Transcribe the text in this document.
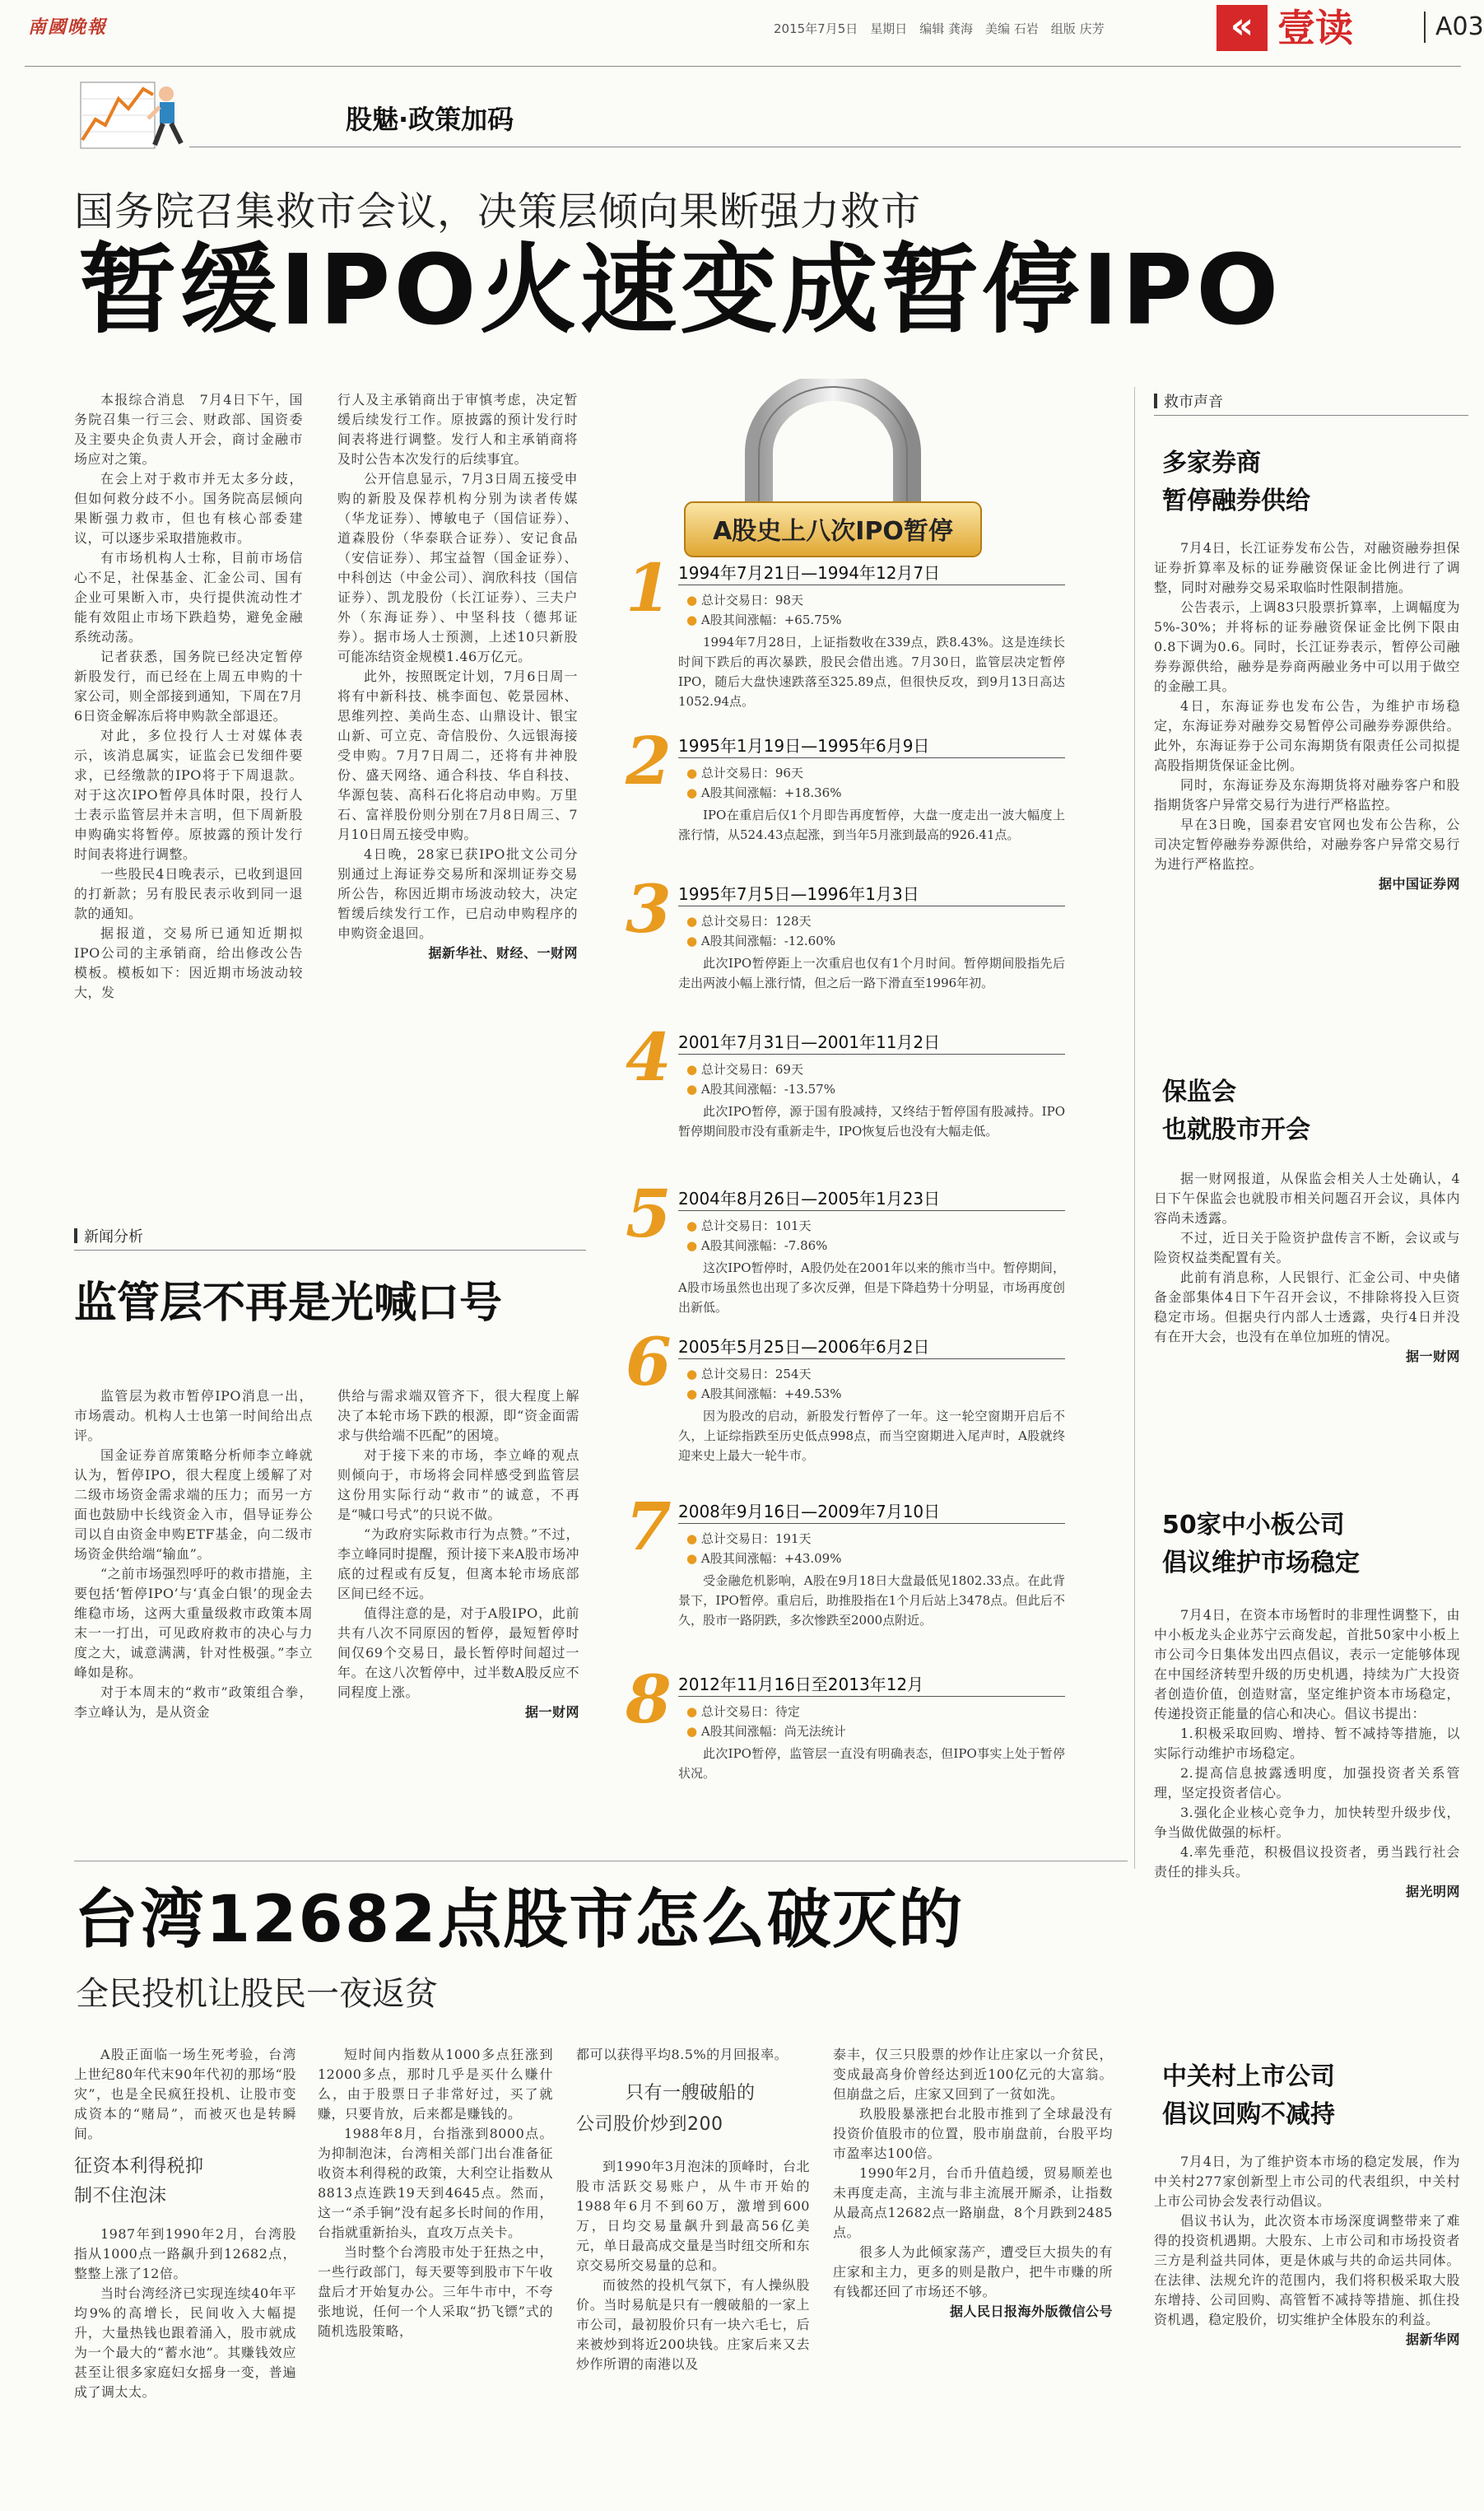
南國晚報	2015年7月5日　星期日　编辑 龚海　美编 石岩　组版 庆芳	« 壹读	A03
股魅·政策加码
国务院召集救市会议，决策层倾向果断强力救市
暂缓IPO火速变成暂停IPO

本报综合消息　7月4日下午，国务院召集一行三会、财政部、国资委及主要央企负责人开会，商讨金融市场应对之策。

在会上对于救市并无太多分歧，但如何救分歧不小。国务院高层倾向果断强力救市，但也有核心部委建议，可以逐步采取措施救市。

有市场机构人士称，目前市场信心不足，社保基金、汇金公司、国有企业可果断入市，央行提供流动性才能有效阻止市场下跌趋势，避免金融系统动荡。

记者获悉，国务院已经决定暂停新股发行，而已经在上周五申购的十家公司，则全部接到通知，下周在7月6日资金解冻后将申购款全部退还。

对此，多位投行人士对媒体表示，该消息属实，证监会已发细件要求，已经缴款的IPO将于下周退款。对于这次IPO暂停具体时限，投行人士表示监管层并未言明，但下周新股申购确实将暂停。原披露的预计发行时间表将进行调整。

一些股民4日晚表示，已收到退回的打新款；另有股民表示收到同一退款的通知。

据报道，交易所已通知近期拟IPO公司的主承销商，给出修改公告模板。模板如下：因近期市场波动较大，发

行人及主承销商出于审慎考虑，决定暂缓后续发行工作。原披露的预计发行时间表将进行调整。发行人和主承销商将及时公告本次发行的后续事宜。

公开信息显示，7月3日周五接受申购的新股及保荐机构分别为读者传媒（华龙证券）、博敏电子（国信证券）、道森股份（华泰联合证券）、安记食品（安信证券）、邦宝益智（国金证券）、中科创达（中金公司）、润欣科技（国信证券）、凯龙股份（长江证券）、三夫户外（东海证券）、中坚科技（德邦证券）。据市场人士预测，上述10只新股可能冻结资金规模1.46万亿元。

此外，按照既定计划，7月6日周一将有中新科技、桃李面包、乾景园林、思维列控、美尚生态、山鼎设计、银宝山新、可立克、奇信股份、久远银海接受申购。7月7日周二，还将有井神股份、盛天网络、通合科技、华自科技、华源包装、高科石化将启动申购。万里石、富祥股份则分别在7月8日周三、7月10日周五接受申购。

4日晚，28家已获IPO批文公司分别通过上海证券交易所和深圳证券交易所公告，称因近期市场波动较大，决定暂缓后续发行工作，已启动申购程序的申购资金退回。

据新华社、财经、一财网
A股史上八次IPO暂停
1 1994年7月21日—1994年12月7日
● 总计交易日：98天
● A股其间涨幅：+65.75%
1994年7月28日，上证指数收在339点，跌8.43%。这是连续长时间下跌后的再次暴跌，股民会借出逃。7月30日，监管层决定暂停IPO，随后大盘快速跌落至325.89点，但很快反攻，到9月13日高达1052.94点。
2 1995年1月19日—1995年6月9日
● 总计交易日：96天
● A股其间涨幅：+18.36%
IPO在重启后仅1个月即告再度暂停，大盘一度走出一波大幅度上涨行情，从524.43点起涨，到当年5月涨到最高的926.41点。
3 1995年7月5日—1996年1月3日
● 总计交易日：128天
● A股其间涨幅：-12.60%
此次IPO暂停距上一次重启也仅有1个月时间。暂停期间股指先后走出两波小幅上涨行情，但之后一路下滑直至1996年初。
4 2001年7月31日—2001年11月2日
● 总计交易日：69天
● A股其间涨幅：-13.57%
此次IPO暂停，源于国有股减持，又终结于暂停国有股减持。IPO暂停期间股市没有重新走牛，IPO恢复后也没有大幅走低。
5 2004年8月26日—2005年1月23日
● 总计交易日：101天
● A股其间涨幅：-7.86%
这次IPO暂停时，A股仍处在2001年以来的熊市当中。暂停期间，A股市场虽然也出现了多次反弹，但是下降趋势十分明显，市场再度创出新低。
6 2005年5月25日—2006年6月2日
● 总计交易日：254天
● A股其间涨幅：+49.53%
因为股改的启动，新股发行暂停了一年。这一轮空窗期开启后不久，上证综指跌至历史低点998点，而当空窗期进入尾声时，A股就终迎来史上最大一轮牛市。
7 2008年9月16日—2009年7月10日
● 总计交易日：191天
● A股其间涨幅：+43.09%
受金融危机影响，A股在9月18日大盘最低见1802.33点。在此背景下，IPO暂停。重启后，助推股指在1个月后站上3478点。但此后不久，股市一路阴跌，多次惨跌至2000点附近。
8 2012年11月16日至2013年12月
● 总计交易日：待定
● A股其间涨幅：尚无法统计
此次IPO暂停，监管层一直没有明确表态，但IPO事实上处于暂停状况。
新闻分析
监管层不再是光喊口号

监管层为救市暂停IPO消息一出，市场震动。机构人士也第一时间给出点评。

国金证券首席策略分析师李立峰就认为，暂停IPO，很大程度上缓解了对二级市场资金需求端的压力；而另一方面也鼓励中长线资金入市，倡导证券公司以自由资金申购ETF基金，向二级市场资金供给端“输血”。

“之前市场强烈呼吁的救市措施，主要包括‘暂停IPO’与‘真金白银’的现金去维稳市场，这两大重量级救市政策本周末一一打出，可见政府救市的决心与力度之大，诚意满满，针对性极强。”李立峰如是称。

对于本周末的“救市”政策组合拳，李立峰认为，是从资金

供给与需求端双管齐下，很大程度上解决了本轮市场下跌的根源，即“资金面需求与供给端不匹配”的困境。

对于接下来的市场，李立峰的观点则倾向于，市场将会同样感受到监管层这份用实际行动“救市”的诚意，不再是“喊口号式”的只说不做。

“为政府实际救市行为点赞。”不过，李立峰同时提醒，预计接下来A股市场冲底的过程或有反复，但离本轮市场底部区间已经不远。

值得注意的是，对于A股IPO，此前共有八次不同原因的暂停，最短暂停时间仅69个交易日，最长暂停时间超过一年。在这八次暂停中，过半数A股反应不同程度上涨。

据一财网
救市声音
多家券商
暂停融券供给

7月4日，长江证券发布公告，对融资融券担保证券折算率及标的证券融资保证金比例进行了调整，同时对融券交易采取临时性限制措施。

公告表示，上调83只股票折算率，上调幅度为5%-30%；并将标的证券融资保证金比例下限由0.8下调为0.6。同时，长江证券表示，暂停公司融券券源供给，融券是券商两融业务中可以用于做空的金融工具。

4日，东海证券也发布公告，为维护市场稳定，东海证券对融券交易暂停公司融券券源供给。此外，东海证券于公司东海期货有限责任公司拟提高股指期货保证金比例。

同时，东海证券及东海期货将对融券客户和股指期货客户异常交易行为进行严格监控。

早在3日晚，国泰君安官网也发布公告称，公司决定暂停融券券源供给，对融券客户异常交易行为进行严格监控。

据中国证券网
保监会
也就股市开会

据一财网报道，从保监会相关人士处确认，4日下午保监会也就股市相关问题召开会议，具体内容尚未透露。

不过，近日关于险资护盘传言不断，会议或与险资权益类配置有关。

此前有消息称，人民银行、汇金公司、中央储备金部集体4日下午召开会议，不排除将投入巨资稳定市场。但据央行内部人士透露，央行4日并没有在开大会，也没有在单位加班的情况。

据一财网
50家中小板公司
倡议维护市场稳定

7月4日，在资本市场暂时的非理性调整下，由中小板龙头企业苏宁云商发起，首批50家中小板上市公司今日集体发出四点倡议，表示一定能够体现在中国经济转型升级的历史机遇，持续为广大投资者创造价值，创造财富，坚定维护资本市场稳定，传递投资正能量的信心和决心。倡议书提出：

1.积极采取回购、增持、暂不减持等措施，以实际行动维护市场稳定。

2.提高信息披露透明度，加强投资者关系管理，坚定投资者信心。

3.强化企业核心竞争力，加快转型升级步伐，争当做优做强的标杆。

4.率先垂范，积极倡议投资者，勇当践行社会责任的排头兵。

据光明网
中关村上市公司
倡议回购不减持

7月4日，为了维护资本市场的稳定发展，作为中关村277家创新型上市公司的代表组织，中关村上市公司协会发表行动倡议。

倡议书认为，此次资本市场深度调整带来了难得的投资机遇期。大股东、上市公司和市场投资者三方是利益共同体，更是休戚与共的命运共同体。在法律、法规允许的范围内，我们将积极采取大股东增持、公司回购、高管暂不减持等措施、抓住投资机遇，稳定股价，切实维护全体股东的利益。

据新华网
台湾12682点股市怎么破灭的
全民投机让股民一夜返贫

A股正面临一场生死考验，台湾上世纪80年代末90年代初的那场“股灾”，也是全民疯狂投机、让股市变成资本的“赌局”，而被灭也是转瞬间。

征资本利得税抑
制不住泡沫

1987年到1990年2月，台湾股指从1000点一路飙升到12682点，整整上涨了12倍。

当时台湾经济已实现连续40年平均9%的高增长，民间收入大幅提升，大量热钱也跟着涌入，股市就成为一个最大的“蓄水池”。其赚钱效应甚至让很多家庭妇女摇身一变，普遍成了调太太。

短时间内指数从1000多点狂涨到12000多点，那时几乎是买什么赚什么，由于股票日子非常好过，买了就赚，只要肯放，后来都是赚钱的。

1988年8月，台指涨到8000点。为抑制泡沫，台湾相关部门出台准备征收资本利得税的政策，大利空让指数从8813点连跌19天到4645点。然而，这一“杀手锏”没有起多长时间的作用，台指就重新抬头，直攻万点关卡。

当时整个台湾股市处于狂热之中，一些行政部门，每天要等到股市下午收盘后才开始复办公。三年牛市中，不夸张地说，任何一个人采取“扔飞镖”式的随机选股策略，

都可以获得平均8.5%的月回报率。

只有一艘破船的
公司股价炒到200

到1990年3月泡沫的顶峰时，台北股市活跃交易账户，从牛市开始的1988年6月不到60万，激增到600万，日均交易量飙升到最高56亿美元，单日最高成交量是当时纽交所和东京交易所交易量的总和。

而彼然的投机气氛下，有人操纵股价。当时易航是只有一艘破船的一家上市公司，最初股价只有一块六毛七，后来被炒到将近200块钱。庄家后来又去炒作所谓的南港以及

泰丰，仅三只股票的炒作让庄家以一介贫民，变成最高身价曾经达到近100亿元的大富翁。但崩盘之后，庄家又回到了一贫如洗。

玖股股暴涨把台北股市推到了全球最没有投资价值股市的位置，股市崩盘前，台股平均市盈率达100倍。

1990年2月，台币升值趋缓，贸易顺差也未再度走高，主流与非主流展开厮杀，让指数从最高点12682点一路崩盘，8个月跌到2485点。

很多人为此倾家荡产，遭受巨大损失的有庄家和主力，更多的则是散户，把牛市赚的所有钱都还回了市场还不够。

据人民日报海外版微信公号
